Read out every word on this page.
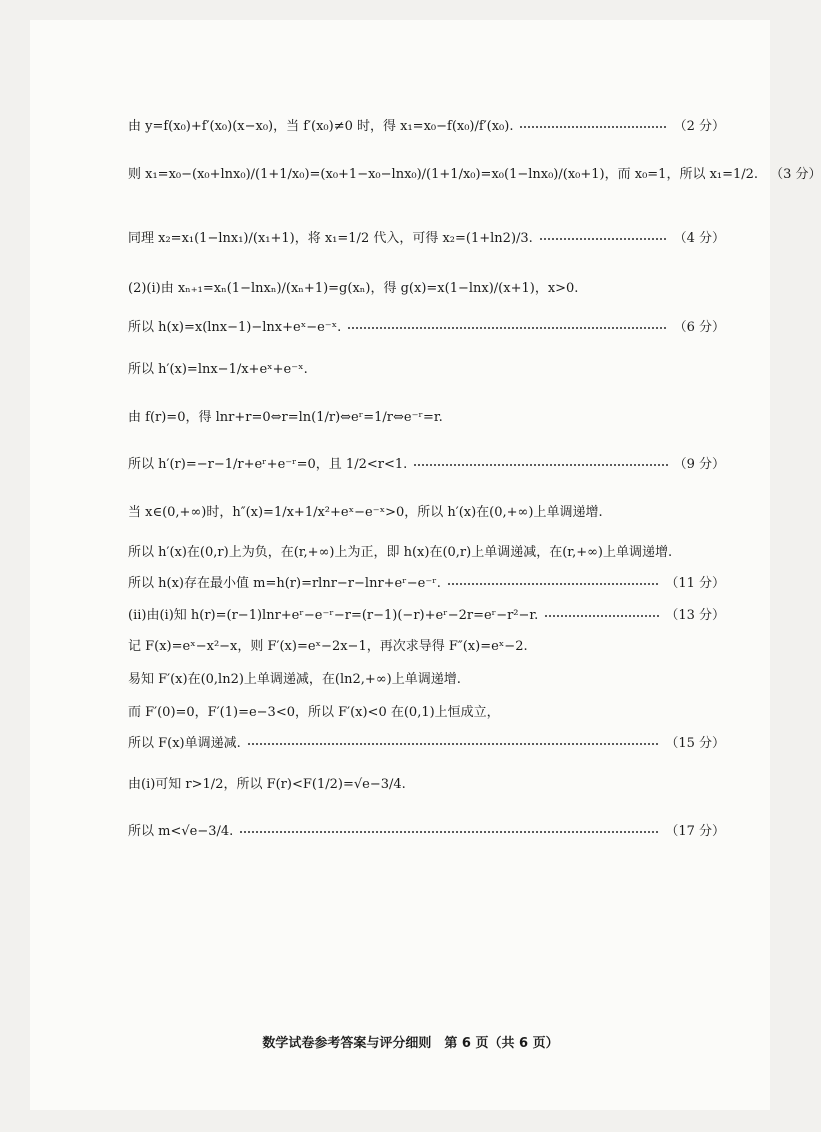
由 y=f(x₀)+f′(x₀)(x−x₀)，当 f′(x₀)≠0 时，得 x₁=x₀−f(x₀)/f′(x₀).	（2 分）
则 x₁=x₀−(x₀+lnx₀)/(1+1/x₀)=(x₀+1−x₀−lnx₀)/(1+1/x₀)=x₀(1−lnx₀)/(x₀+1)，而 x₀=1，所以 x₁=1/2. （3 分）
同理 x₂=x₁(1−lnx₁)/(x₁+1)，将 x₁=1/2 代入，可得 x₂=(1+ln2)/3.	（4 分）
(2)(i)由 xₙ₊₁=xₙ(1−lnxₙ)/(xₙ+1)=g(xₙ)，得 g(x)=x(1−lnx)/(x+1)，x>0.
所以 h(x)=x(lnx−1)−lnx+eˣ−e⁻ˣ.	（6 分）
所以 h′(x)=lnx−1/x+eˣ+e⁻ˣ.
由 f(r)=0，得 lnr+r=0⇔r=ln(1/r)⇔eʳ=1/r⇔e⁻ʳ=r.
所以 h′(r)=−r−1/r+eʳ+e⁻ʳ=0，且 1/2<r<1.	（9 分）
当 x∈(0,+∞)时，h″(x)=1/x+1/x²+eˣ−e⁻ˣ>0，所以 h′(x)在(0,+∞)上单调递增.
所以 h′(x)在(0,r)上为负，在(r,+∞)上为正，即 h(x)在(0,r)上单调递减，在(r,+∞)上单调递增.
所以 h(x)存在最小值 m=h(r)=rlnr−r−lnr+eʳ−e⁻ʳ.	（11 分）
(ii)由(i)知 h(r)=(r−1)lnr+eʳ−e⁻ʳ−r=(r−1)(−r)+eʳ−2r=eʳ−r²−r.	（13 分）
记 F(x)=eˣ−x²−x，则 F′(x)=eˣ−2x−1，再次求导得 F″(x)=eˣ−2.
易知 F′(x)在(0,ln2)上单调递减，在(ln2,+∞)上单调递增.
而 F′(0)=0，F′(1)=e−3<0，所以 F′(x)<0 在(0,1)上恒成立，
所以 F(x)单调递减.	（15 分）
由(i)可知 r>1/2，所以 F(r)<F(1/2)=√e−3/4.
所以 m<√e−3/4.	（17 分）
数学试卷参考答案与评分细则　第 6 页（共 6 页）
